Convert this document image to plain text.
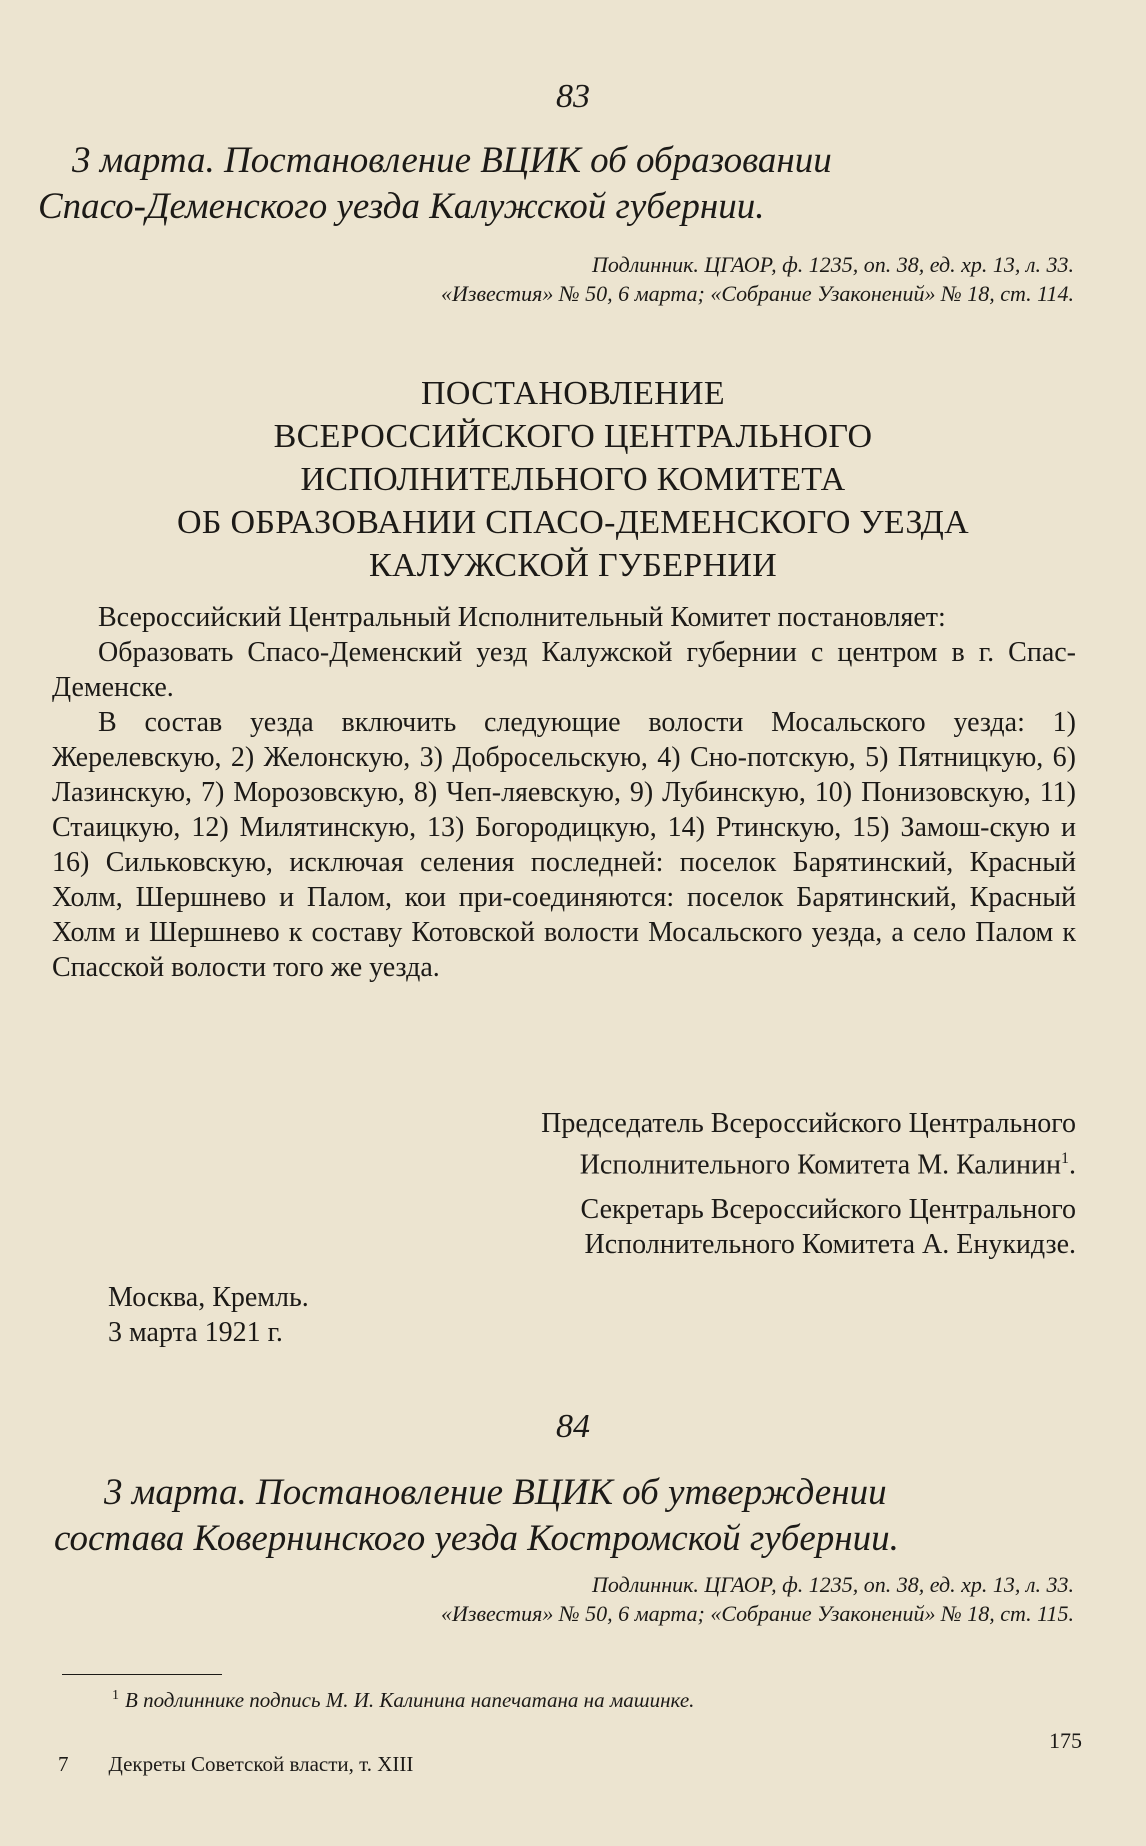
83
3 марта. Постановление ВЦИК об образовании
Спасо-Деменского уезда Калужской губернии.
Подлинник. ЦГАОР, ф. 1235, оп. 38, ед. хр. 13, л. 33.
«Известия» № 50, 6 марта; «Собрание Узаконений» № 18, ст. 114.
ПОСТАНОВЛЕНИЕ
ВСЕРОССИЙСКОГО ЦЕНТРАЛЬНОГО
ИСПОЛНИТЕЛЬНОГО КОМИТЕТА
ОБ ОБРАЗОВАНИИ СПАСО-ДЕМЕНСКОГО УЕЗДА
КАЛУЖСКОЙ ГУБЕРНИИ

Всероссийский Центральный Исполнительный Комитет постановляет:

Образовать Спасо-Деменский уезд Калужской губернии с центром в г. Спас-Деменске.

В состав уезда включить следующие волости Мосальского уезда: 1) Жерелевскую, 2) Желонскую, 3) Добросельскую, 4) Сно-потскую, 5) Пятницкую, 6) Лазинскую, 7) Морозовскую, 8) Чеп-ляевскую, 9) Лубинскую, 10) Понизовскую, 11) Стаицкую, 12) Милятинскую, 13) Богородицкую, 14) Ртинскую, 15) Замош-скую и 16) Сильковскую, исключая селения последней: поселок Барятинский, Красный Холм, Шершнево и Палом, кои при-соединяются: поселок Барятинский, Красный Холм и Шершнево к составу Котовской волости Мосальского уезда, а село Палом к Спасской волости того же уезда.

Председатель Всероссийского Центрального
Исполнительного Комитета М. Калинин$^1$.
Секретарь Всероссийского Центрального
Исполнительного Комитета А. Енукидзе.
Москва, Кремль.
3 марта 1921 г.
84
3 марта. Постановление ВЦИК об утверждении
состава Ковернинского уезда Костромской губернии.
Подлинник. ЦГАОР, ф. 1235, оп. 38, ед. хр. 13, л. 33.
«Известия» № 50, 6 марта; «Собрание Узаконений» № 18, ст. 115.
$^1$ В подлиннике подпись М. И. Калинина напечатана на машинке.
175
7 Декреты Советской власти, т. XIII
